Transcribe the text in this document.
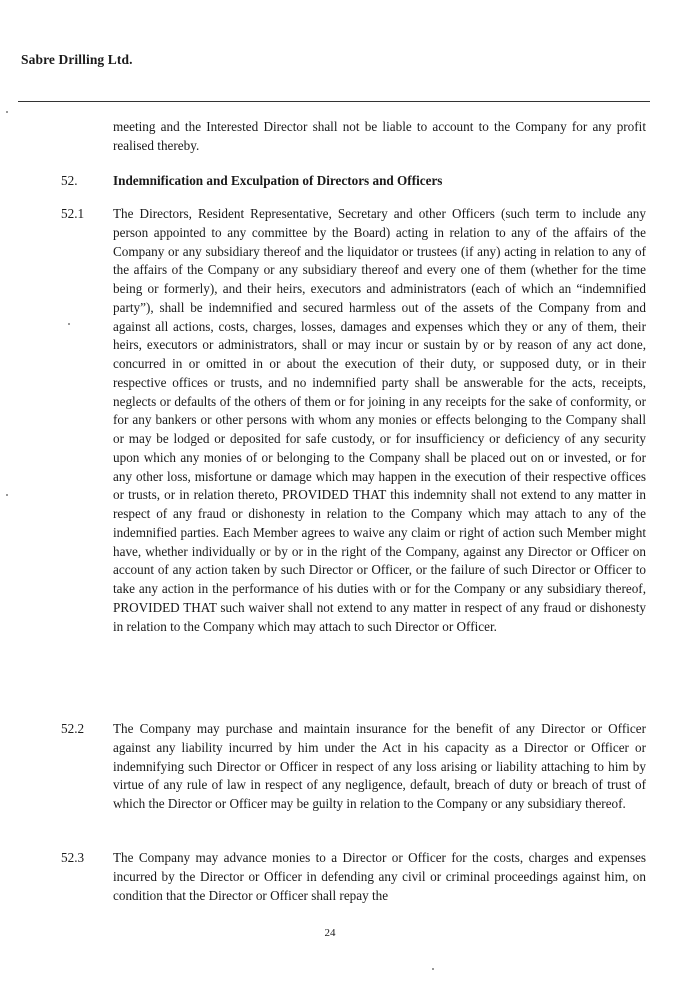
Sabre Drilling Ltd.
meeting and the Interested Director shall not be liable to account to the Company for any profit realised thereby.
52.	Indemnification and Exculpation of Directors and Officers
52.1 The Directors, Resident Representative, Secretary and other Officers (such term to include any person appointed to any committee by the Board) acting in relation to any of the affairs of the Company or any subsidiary thereof and the liquidator or trustees (if any) acting in relation to any of the affairs of the Company or any subsidiary thereof and every one of them (whether for the time being or formerly), and their heirs, executors and administrators (each of which an “indemnified party”), shall be indemnified and secured harmless out of the assets of the Company from and against all actions, costs, charges, losses, damages and expenses which they or any of them, their heirs, executors or administrators, shall or may incur or sustain by or by reason of any act done, concurred in or omitted in or about the execution of their duty, or supposed duty, or in their respective offices or trusts, and no indemnified party shall be answerable for the acts, receipts, neglects or defaults of the others of them or for joining in any receipts for the sake of conformity, or for any bankers or other persons with whom any monies or effects belonging to the Company shall or may be lodged or deposited for safe custody, or for insufficiency or deficiency of any security upon which any monies of or belonging to the Company shall be placed out on or invested, or for any other loss, misfortune or damage which may happen in the execution of their respective offices or trusts, or in relation thereto, PROVIDED THAT this indemnity shall not extend to any matter in respect of any fraud or dishonesty in relation to the Company which may attach to any of the indemnified parties. Each Member agrees to waive any claim or right of action such Member might have, whether individually or by or in the right of the Company, against any Director or Officer on account of any action taken by such Director or Officer, or the failure of such Director or Officer to take any action in the performance of his duties with or for the Company or any subsidiary thereof, PROVIDED THAT such waiver shall not extend to any matter in respect of any fraud or dishonesty in relation to the Company which may attach to such Director or Officer.
52.2 The Company may purchase and maintain insurance for the benefit of any Director or Officer against any liability incurred by him under the Act in his capacity as a Director or Officer or indemnifying such Director or Officer in respect of any loss arising or liability attaching to him by virtue of any rule of law in respect of any negligence, default, breach of duty or breach of trust of which the Director or Officer may be guilty in relation to the Company or any subsidiary thereof.
52.3 The Company may advance monies to a Director or Officer for the costs, charges and expenses incurred by the Director or Officer in defending any civil or criminal proceedings against him, on condition that the Director or Officer shall repay the
24
